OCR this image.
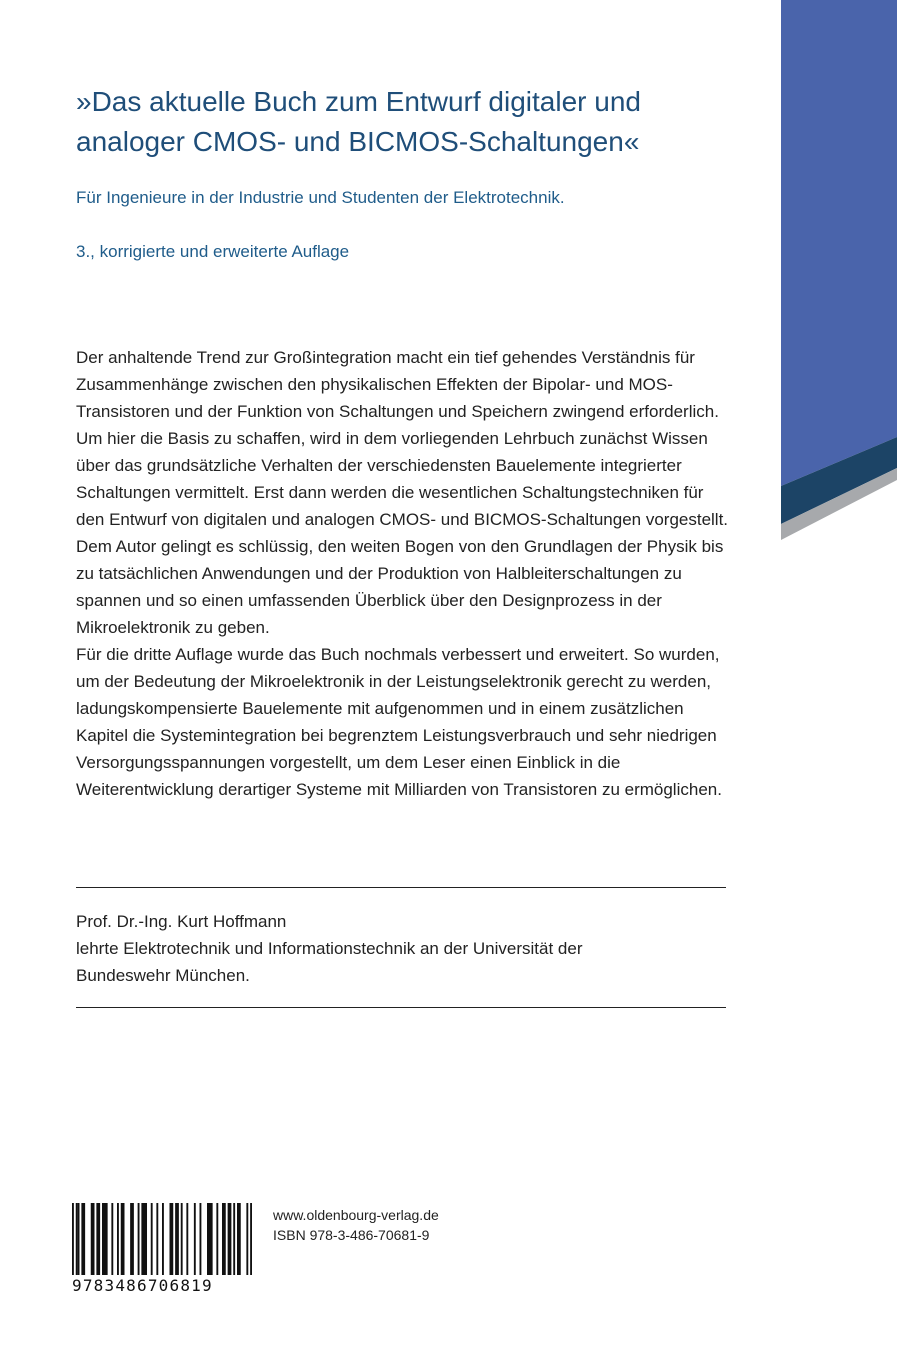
»Das aktuelle Buch zum Entwurf digitaler und analoger CMOS- und BICMOS-Schaltungen«

Für Ingenieure in der Industrie und Studenten der Elektrotechnik.

3., korrigierte und erweiterte Auflage

Der anhaltende Trend zur Großintegration macht ein tief gehendes Verständnis für Zusammenhänge zwischen den physikalischen Effekten der Bipolar- und MOS-Transistoren und der Funktion von Schaltungen und Speichern zwingend erforderlich.

Um hier die Basis zu schaffen, wird in dem vorliegenden Lehrbuch zunächst Wissen über das grundsätzliche Verhalten der verschiedensten Bauelemente integrierter Schaltungen vermittelt. Erst dann werden die wesentlichen Schaltungstechniken für den Entwurf von digitalen und analogen CMOS- und BICMOS-Schaltungen vorgestellt. Dem Autor gelingt es schlüssig, den weiten Bogen von den Grundlagen der Physik bis zu tatsächlichen Anwendungen und der Produktion von Halbleiterschaltungen zu spannen und so einen umfassenden Überblick über den Designprozess in der Mikroelektronik zu geben.

Für die dritte Auflage wurde das Buch nochmals verbessert und erweitert. So wurden, um der Bedeutung der Mikroelektronik in der Leistungselektronik gerecht zu werden, ladungskompensierte Bauelemente mit aufgenommen und in einem zusätzlichen Kapitel die Systemintegration bei begrenztem Leistungsverbrauch und sehr niedrigen Versorgungsspannungen vorgestellt, um dem Leser einen Einblick in die Weiterentwicklung derartiger Systeme mit Milliarden von Transistoren zu ermöglichen.

Prof. Dr.-Ing. Kurt Hoffmann
lehrte Elektrotechnik und Informationstechnik an der Universität der
Bundeswehr München.
9783486706819
www.oldenbourg-verlag.de
ISBN 978-3-486-70681-9
